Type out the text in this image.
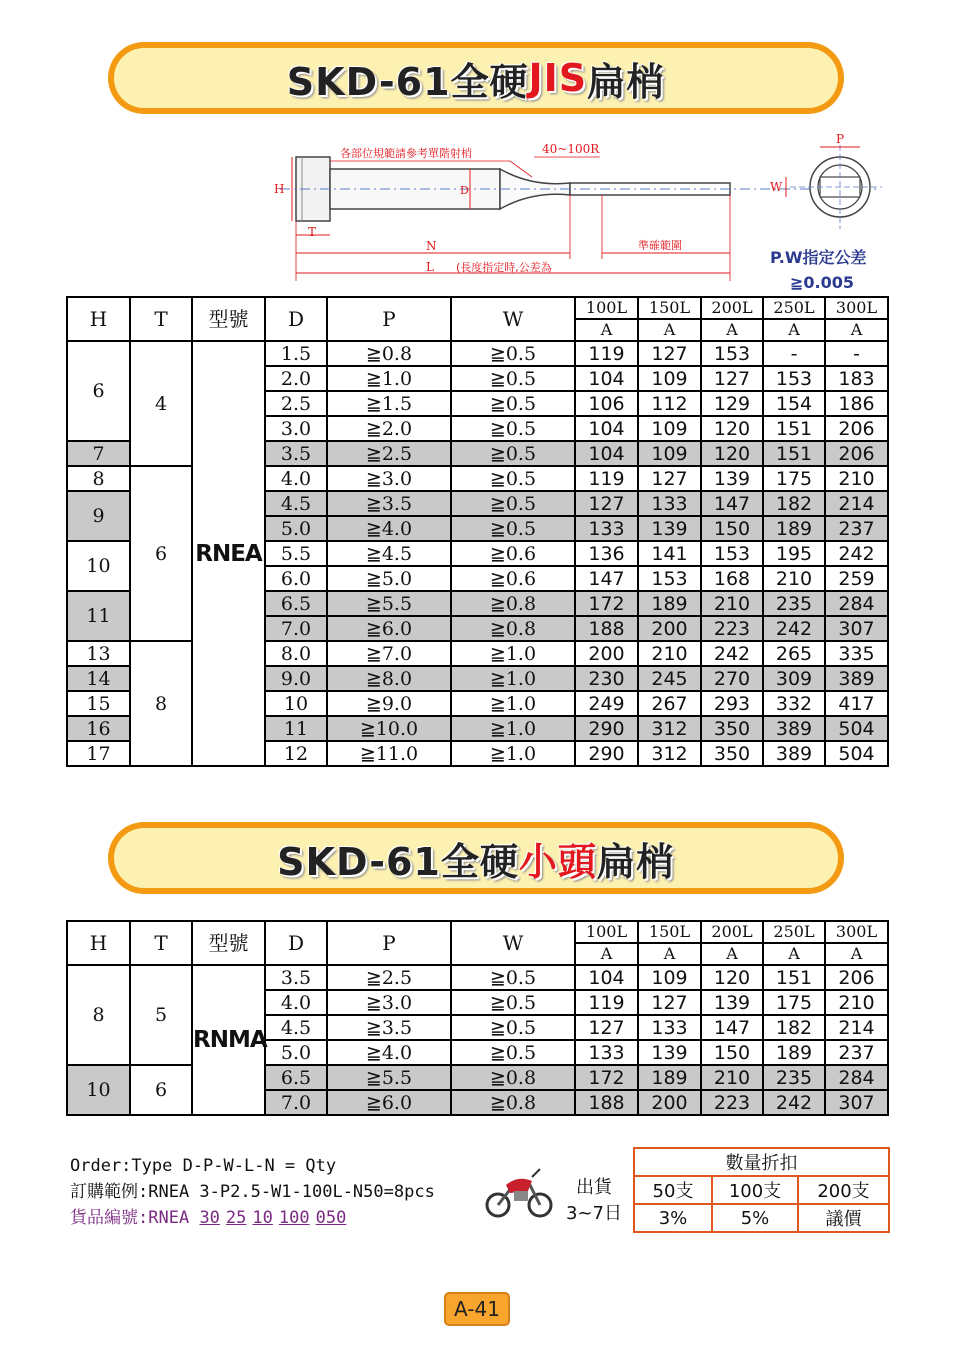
SKD-61全硬 JIS 扁梢
H
T
D
N
L (長度指定時,公差為
各部位規範請參考單階射梢	40~100R
準確範圍
W
P
P.W指定公差
≧0.005
H	T	型號	D	P	W	100L	150L	200L	250L	300L
						A	A	A	A	A
6	4	RNEA	1.5	≧0.8	≧0.5	119	127	153	-	-
			2.0	≧1.0	≧0.5	104	109	127	153	183
			2.5	≧1.5	≧0.5	106	112	129	154	186
			3.0	≧2.0	≧0.5	104	109	120	151	206
7			3.5	≧2.5	≧0.5	104	109	120	151	206
8	6		4.0	≧3.0	≧0.5	119	127	139	175	210
9			4.5	≧3.5	≧0.5	127	133	147	182	214
			5.0	≧4.0	≧0.5	133	139	150	189	237
10			5.5	≧4.5	≧0.6	136	141	153	195	242
			6.0	≧5.0	≧0.6	147	153	168	210	259
11			6.5	≧5.5	≧0.8	172	189	210	235	284
			7.0	≧6.0	≧0.8	188	200	223	242	307
13	8		8.0	≧7.0	≧1.0	200	210	242	265	335
14			9.0	≧8.0	≧1.0	230	245	270	309	389
15			10	≧9.0	≧1.0	249	267	293	332	417
16			11	≧10.0	≧1.0	290	312	350	389	504
17			12	≧11.0	≧1.0	290	312	350	389	504
SKD-61全硬 小頭 扁梢
H	T	型號	D	P	W	100L	150L	200L	250L	300L
						A	A	A	A	A
8	5	RNMA	3.5	≧2.5	≧0.5	104	109	120	151	206
			4.0	≧3.0	≧0.5	119	127	139	175	210
			4.5	≧3.5	≧0.5	127	133	147	182	214
			5.0	≧4.0	≧0.5	133	139	150	189	237
10	6		6.5	≧5.5	≧0.8	172	189	210	235	284
			7.0	≧6.0	≧0.8	188	200	223	242	307
Order:Type D-P-W-L-N = Qty
訂購範例:RNEA 3-P2.5-W1-100L-N50=8pcs
貨品編號:RNEA 30 25 10 100 050
出貨
3~7日
數量折扣		
50支	100支	200支
3%	5%	議價
A-41
